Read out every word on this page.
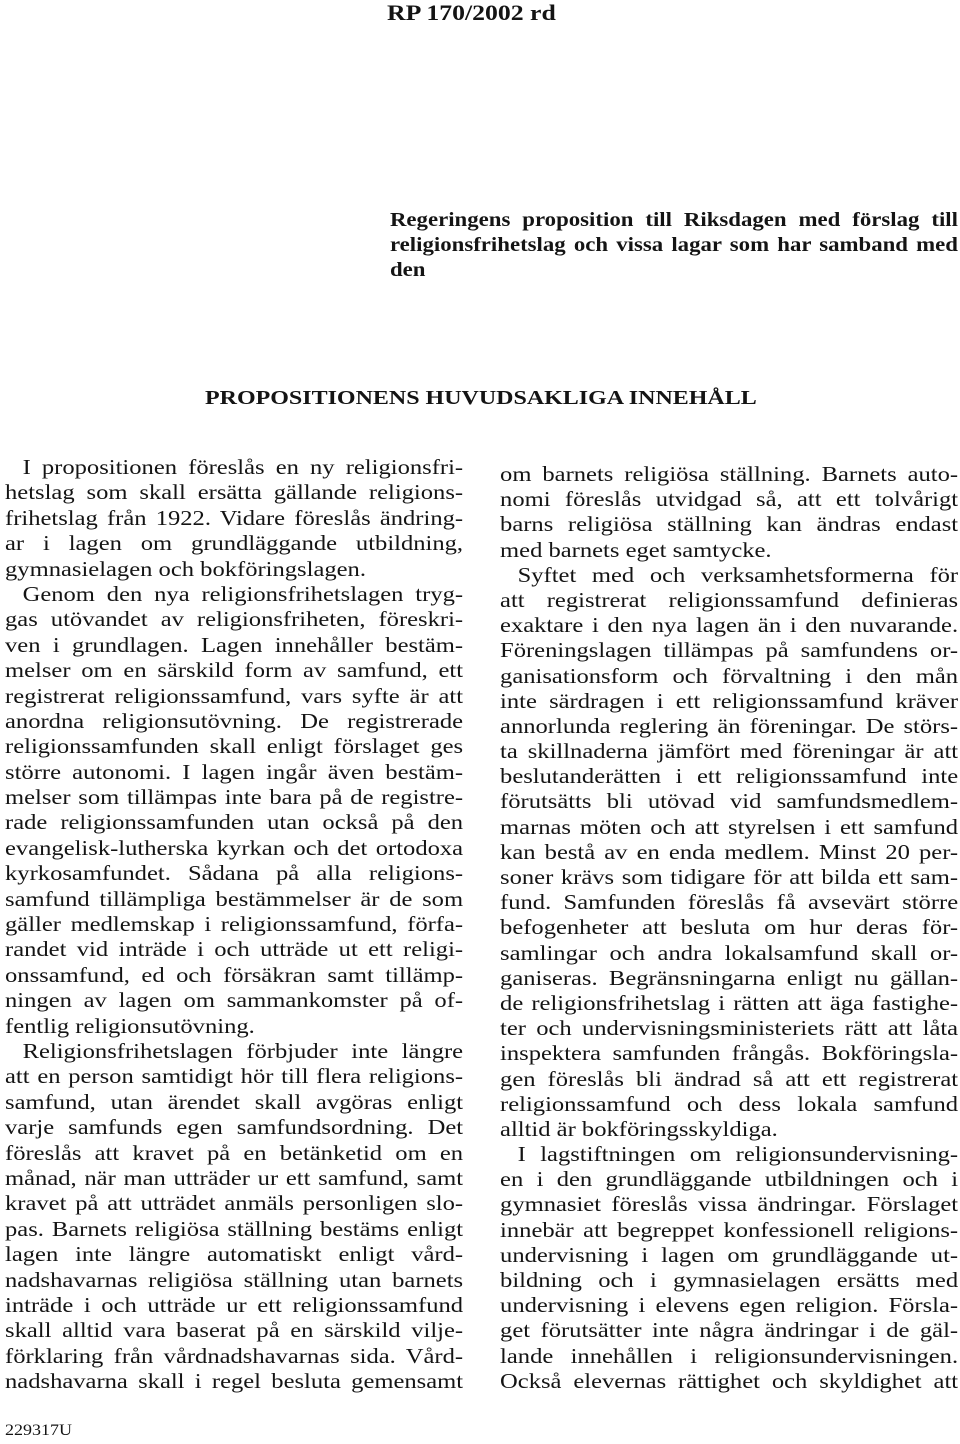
RP 170/2002 rd
Regeringens proposition till Riksdagen med förslag till
religionsfrihetslag och vissa lagar som har samband med
den
PROPOSITIONENS HUVUDSAKLIGA INNEHÅLL
I propositionen föreslås en ny religionsfri-
hetslag som skall ersätta gällande religions-
frihetslag från 1922. Vidare föreslås ändring-
ar i lagen om grundläggande utbildning,
gymnasielagen och bokföringslagen.
Genom den nya religionsfrihetslagen tryg-
gas utövandet av religionsfriheten, föreskri-
ven i grundlagen. Lagen innehåller bestäm-
melser om en särskild form av samfund, ett
registrerat religionssamfund, vars syfte är att
anordna religionsutövning. De registrerade
religionssamfunden skall enligt förslaget ges
större autonomi. I lagen ingår även bestäm-
melser som tillämpas inte bara på de registre-
rade religionssamfunden utan också på den
evangelisk-lutherska kyrkan och det ortodoxa
kyrkosamfundet. Sådana på alla religions-
samfund tillämpliga bestämmelser är de som
gäller medlemskap i religionssamfund, förfa-
randet vid inträde i och utträde ut ett religi-
onssamfund, ed och försäkran samt tillämp-
ningen av lagen om sammankomster på of-
fentlig religionsutövning.
Religionsfrihetslagen förbjuder inte längre
att en person samtidigt hör till flera religions-
samfund, utan ärendet skall avgöras enligt
varje samfunds egen samfundsordning. Det
föreslås att kravet på en betänketid om en
månad, när man utträder ur ett samfund, samt
kravet på att utträdet anmäls personligen slo-
pas. Barnets religiösa ställning bestäms enligt
lagen inte längre automatiskt enligt vård-
nadshavarnas religiösa ställning utan barnets
inträde i och utträde ur ett religionssamfund
skall alltid vara baserat på en särskild vilje-
förklaring från vårdnadshavarnas sida. Vård-
nadshavarna skall i regel besluta gemensamt
om barnets religiösa ställning. Barnets auto-
nomi föreslås utvidgad så, att ett tolvårigt
barns religiösa ställning kan ändras endast
med barnets eget samtycke.
Syftet med och verksamhetsformerna för
att registrerat religionssamfund definieras
exaktare i den nya lagen än i den nuvarande.
Föreningslagen tillämpas på samfundens or-
ganisationsform och förvaltning i den mån
inte särdragen i ett religionssamfund kräver
annorlunda reglering än föreningar. De störs-
ta skillnaderna jämfört med föreningar är att
beslutanderätten i ett religionssamfund inte
förutsätts bli utövad vid samfundsmedlem-
marnas möten och att styrelsen i ett samfund
kan bestå av en enda medlem. Minst 20 per-
soner krävs som tidigare för att bilda ett sam-
fund. Samfunden föreslås få avsevärt större
befogenheter att besluta om hur deras för-
samlingar och andra lokalsamfund skall or-
ganiseras. Begränsningarna enligt nu gällan-
de religionsfrihetslag i rätten att äga fastighe-
ter och undervisningsministeriets rätt att låta
inspektera samfunden frångås. Bokföringsla-
gen föreslås bli ändrad så att ett registrerat
religionssamfund och dess lokala samfund
alltid är bokföringsskyldiga.
I lagstiftningen om religionsundervisning-
en i den grundläggande utbildningen och i
gymnasiet föreslås vissa ändringar. Förslaget
innebär att begreppet konfessionell religions-
undervisning i lagen om grundläggande ut-
bildning och i gymnasielagen ersätts med
undervisning i elevens egen religion. Försla-
get förutsätter inte några ändringar i de gäl-
lande innehållen i religionsundervisningen.
Också elevernas rättighet och skyldighet att
229317U
